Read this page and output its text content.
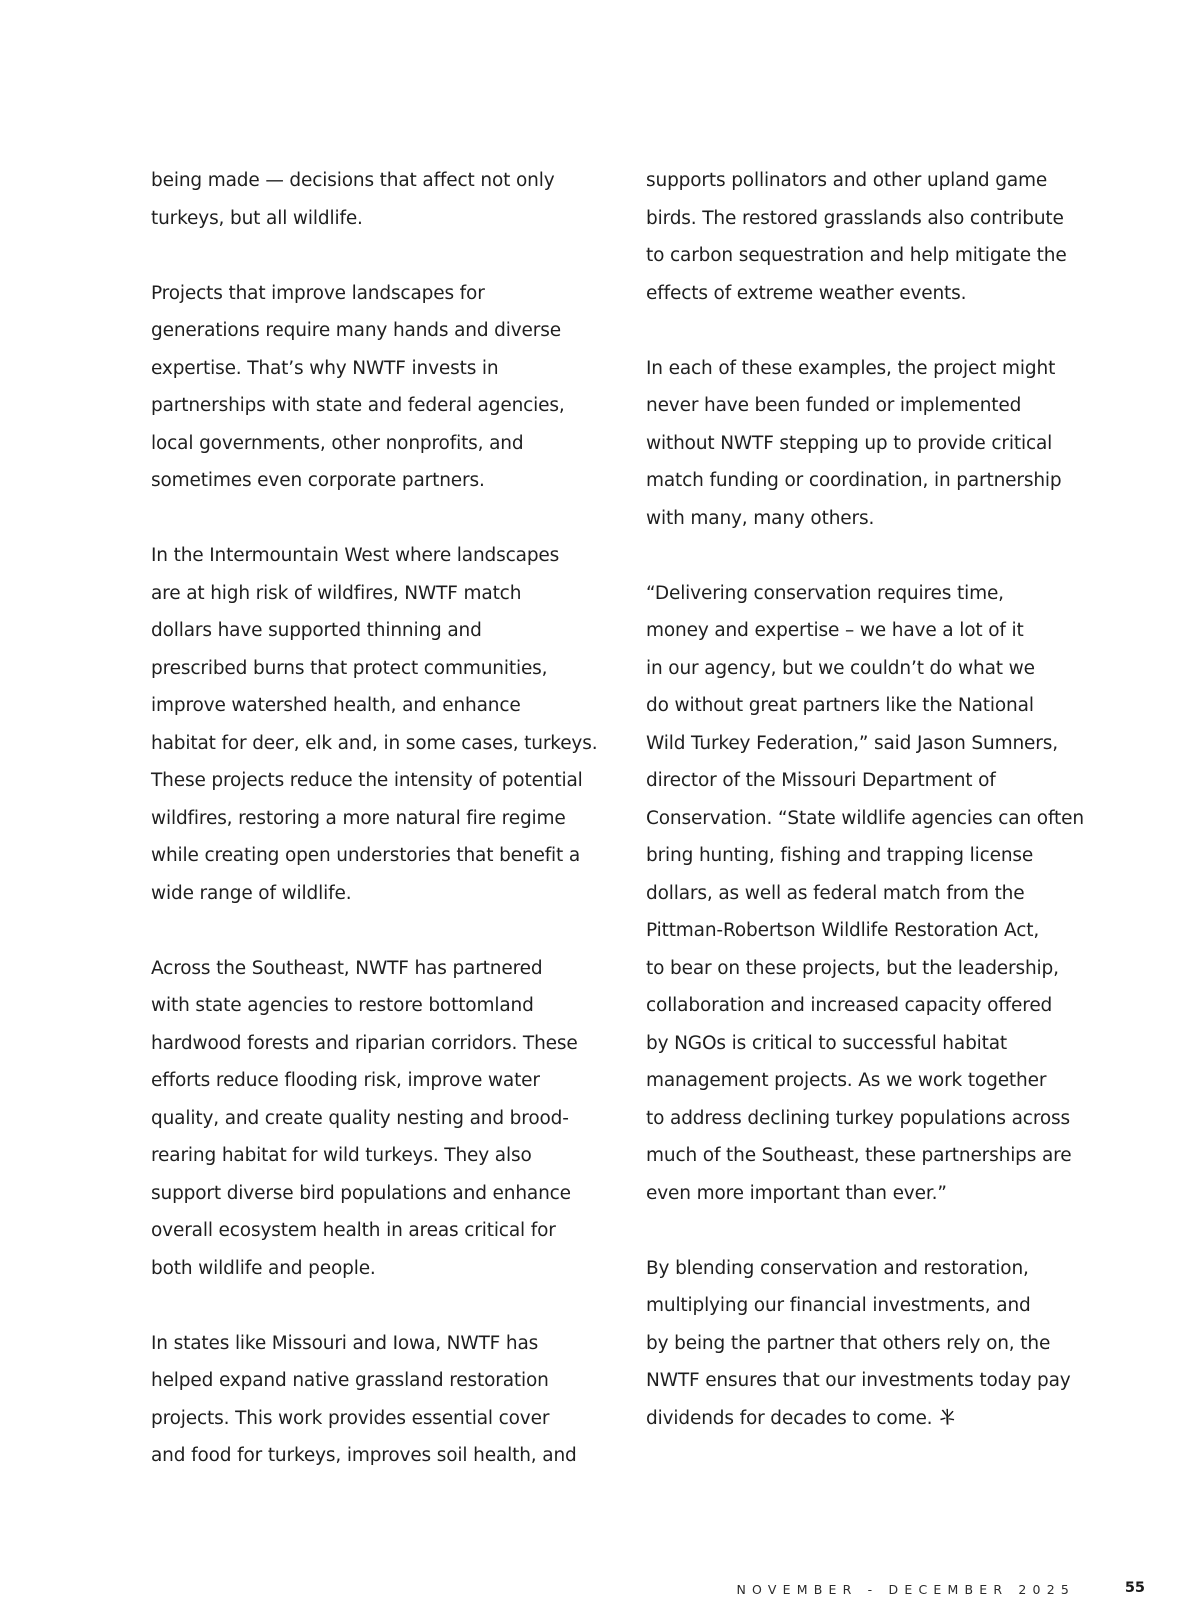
being made — decisions that affect not only
turkeys, but all wildlife.

Projects that improve landscapes for
generations require many hands and diverse
expertise. That’s why NWTF invests in
partnerships with state and federal agencies,
local governments, other nonprofits, and
sometimes even corporate partners.

In the Intermountain West where landscapes
are at high risk of wildfires, NWTF match
dollars have supported thinning and
prescribed burns that protect communities,
improve watershed health, and enhance
habitat for deer, elk and, in some cases, turkeys.
These projects reduce the intensity of potential
wildfires, restoring a more natural fire regime
while creating open understories that benefit a
wide range of wildlife.

Across the Southeast, NWTF has partnered
with state agencies to restore bottomland
hardwood forests and riparian corridors. These
efforts reduce flooding risk, improve water
quality, and create quality nesting and brood-
rearing habitat for wild turkeys. They also
support diverse bird populations and enhance
overall ecosystem health in areas critical for
both wildlife and people.

In states like Missouri and Iowa, NWTF has
helped expand native grassland restoration
projects. This work provides essential cover
and food for turkeys, improves soil health, and

supports pollinators and other upland game
birds. The restored grasslands also contribute
to carbon sequestration and help mitigate the
effects of extreme weather events.

In each of these examples, the project might
never have been funded or implemented
without NWTF stepping up to provide critical
match funding or coordination, in partnership
with many, many others.

“Delivering conservation requires time,
money and expertise – we have a lot of it
in our agency, but we couldn’t do what we
do without great partners like the National
Wild Turkey Federation,” said Jason Sumners,
director of the Missouri Department of
Conservation. “State wildlife agencies can often
bring hunting, fishing and trapping license
dollars, as well as federal match from the
Pittman-Robertson Wildlife Restoration Act,
to bear on these projects, but the leadership,
collaboration and increased capacity offered
by NGOs is critical to successful habitat
management projects. As we work together
to address declining turkey populations across
much of the Southeast, these partnerships are
even more important than ever.”

By blending conservation and restoration,
multiplying our financial investments, and
by being the partner that others rely on, the
NWTF ensures that our investments today pay
dividends for decades to come.

NOVEMBER - DECEMBER 2025	55
